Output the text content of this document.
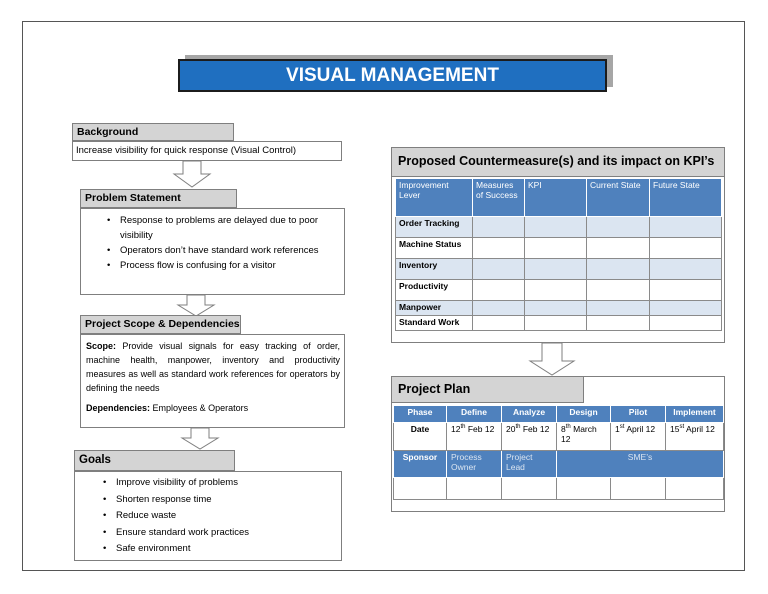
VISUAL MANAGEMENT
Background
Increase visibility for quick response (Visual Control)
Problem Statement
• Response to problems are delayed due to poor visibility
• Operators don’t have standard work references
• Process flow is confusing for a visitor
Project Scope & Dependencies
Scope: Provide visual signals for easy tracking of order, machine health, manpower, inventory and productivity measures as well as standard work references for operators by defining the needs
Dependencies: Employees & Operators
Goals
• Improve visibility of problems
• Shorten response time
• Reduce waste
• Ensure standard work practices
• Safe environment
Proposed Countermeasure(s) and its impact on KPI’s
Improvement Lever	Measures of Success	KPI	Current State	Future State
Order Tracking				
Machine Status				
Inventory				
Productivity				
Manpower				
Standard Work				
Project Plan
Phase	Define	Analyze	Design	Pilot	Implement
Date	12th Feb 12	20th Feb 12	8th March 12	1st April 12	15st April 12
Sponsor	Process Owner	Project Lead	SME’s		
